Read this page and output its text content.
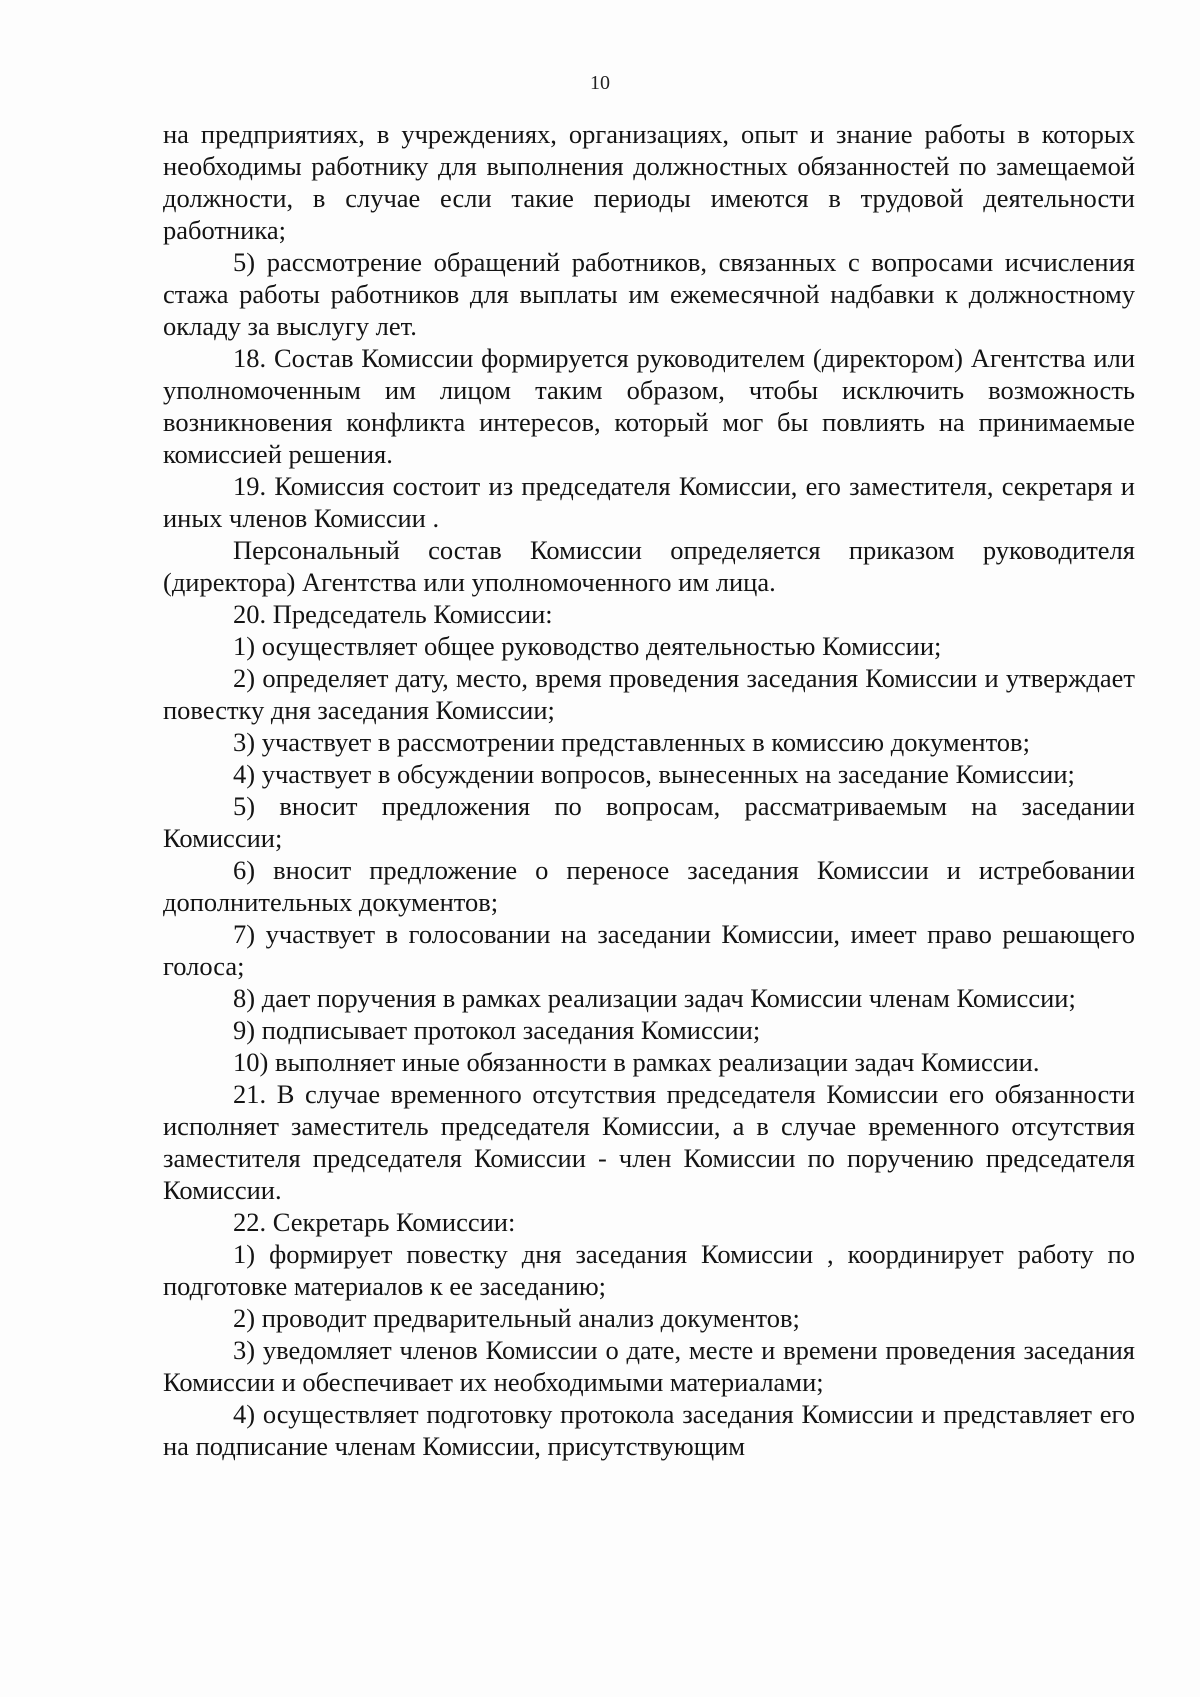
10

на предприятиях, в учреждениях, организациях, опыт и знание работы в которых необходимы работнику для выполнения должностных обязанностей по замещаемой должности, в случае если такие периоды имеются в трудовой деятельности работника;

5) рассмотрение обращений работников, связанных с вопросами исчисления стажа работы работников для выплаты им ежемесячной надбавки к должностному окладу за выслугу лет.

18. Состав Комиссии формируется руководителем (директором) Агентства или уполномоченным им лицом таким образом, чтобы исключить возможность возникновения конфликта интересов, который мог бы повлиять на принимаемые комиссией решения.

19. Комиссия состоит из председателя Комиссии, его заместителя, секретаря и иных членов Комиссии .

Персональный состав Комиссии определяется приказом руководителя (директора) Агентства или уполномоченного им лица.

20. Председатель Комиссии:

1) осуществляет общее руководство деятельностью Комиссии;

2) определяет дату, место, время проведения заседания Комиссии и утверждает повестку дня заседания Комиссии;

3) участвует в рассмотрении представленных в комиссию документов;

4) участвует в обсуждении вопросов, вынесенных на заседание Комиссии;

5) вносит предложения по вопросам, рассматриваемым на заседании Комиссии;

6) вносит предложение о переносе заседания Комиссии и истребовании дополнительных документов;

7) участвует в голосовании на заседании Комиссии, имеет право решающего голоса;

8) дает поручения в рамках реализации задач Комиссии членам Комиссии;

9) подписывает протокол заседания Комиссии;

10) выполняет иные обязанности в рамках реализации задач Комиссии.

21. В случае временного отсутствия председателя Комиссии его обязанности исполняет заместитель председателя Комиссии, а в случае временного отсутствия заместителя председателя Комиссии - член Комиссии по поручению председателя Комиссии.

22. Секретарь Комиссии:

1) формирует повестку дня заседания Комиссии , координирует работу по подготовке материалов к ее заседанию;

2) проводит предварительный анализ документов;

3) уведомляет членов Комиссии о дате, месте и времени проведения заседания Комиссии и обеспечивает их необходимыми материалами;

4) осуществляет подготовку протокола заседания Комиссии и представляет его на подписание членам Комиссии, присутствующим
